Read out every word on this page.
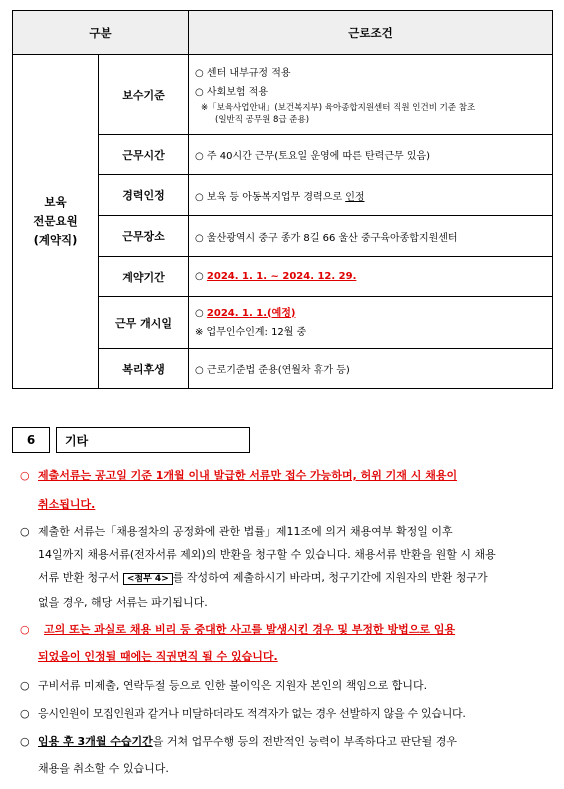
구분		근로조건

보육
전문요원
(계약직)	보수기준	○ 센터 내부규정 적용
○ 사회보험 적용
※「보육사업안내」(보건복지부) 육아종합지원센터 직원 인건비 기준 참조
(일반직 공무원 8급 준용)

	근무시간	○ 주 40시간 근무(토요일 운영에 따른 탄력근무 있음)
	경력인정	○ 보육 등 아동복지업무 경력으로 인정
	근무장소	○ 울산광역시 중구 종가 8길 66 울산 중구육아종합지원센터
	계약기간	○ 2024. 1. 1. ~ 2024. 12. 29.
	근무 개시일	○ 2024. 1. 1.(예정)
※ 업무인수인계: 12월 중

	복리후생	○ 근로기준법 준용(연월차 휴가 등)
6	기타
○ 제출서류는 공고일 기준 1개월 이내 발급한 서류만 접수 가능하며, 허위 기재 시 채용이
취소됩니다.
○ 제출한 서류는「채용절차의 공정화에 관한 법률」제11조에 의거 채용여부 확정일 이후
14일까지 채용서류(전자서류 제외)의 반환을 청구할 수 있습니다. 채용서류 반환을 원할 시 채용
서류 반환 청구서 <첨부 4> 를 작성하여 제출하시기 바라며, 청구기간에 지원자의 반환 청구가
없을 경우, 해당 서류는 파기됩니다.
○	고의 또는 과실로 채용 비리 등 중대한 사고를 발생시킨 경우 및 부정한 방법으로 임용
되었음이 인정될 때에는 직권면직 될 수 있습니다.
○ 구비서류 미제출, 연락두절 등으로 인한 불이익은 지원자 본인의 책임으로 합니다.
○ 응시인원이 모집인원과 같거나 미달하더라도 적격자가 없는 경우 선발하지 않을 수 있습니다.
○ 임용 후 3개월 수습기간을 거쳐 업무수행 등의 전반적인 능력이 부족하다고 판단될 경우
채용을 취소할 수 있습니다.
